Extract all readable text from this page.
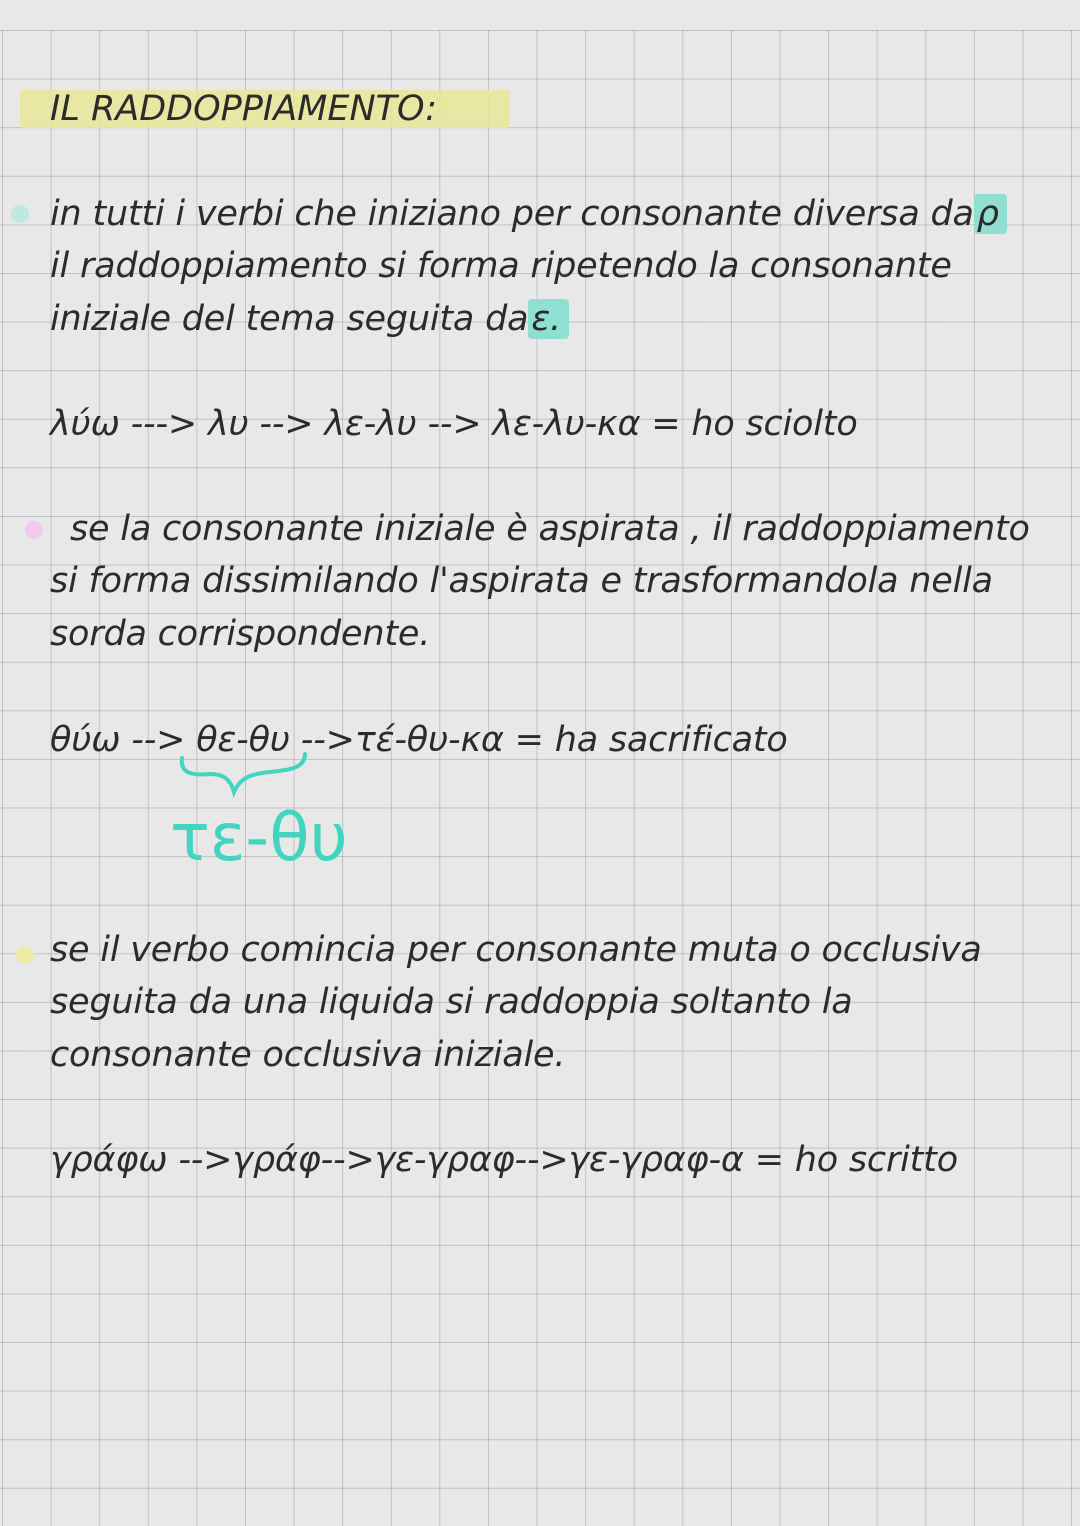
IL RADDOPPIAMENTO:
in tutti i verbi che iniziano per consonante diversa daρ
il raddoppiamento si forma ripetendo la consonante
iniziale del tema seguita daε.
λύω ---> λυ --> λε-λυ --> λε-λυ-κα = ho sciolto
se la consonante iniziale è aspirata , il raddoppiamento
si forma dissimilando l'aspirata e trasformandola nella
sorda corrispondente.
θύω --> θε-θυ -->τέ-θυ-κα = ha sacrificato
τε-θυ
se il verbo comincia per consonante muta o occlusiva
seguita da una liquida si raddoppia soltanto la
consonante occlusiva iniziale.
γράφω -->γράφ-->γε-γραφ-->γε-γραφ-α = ho scritto
